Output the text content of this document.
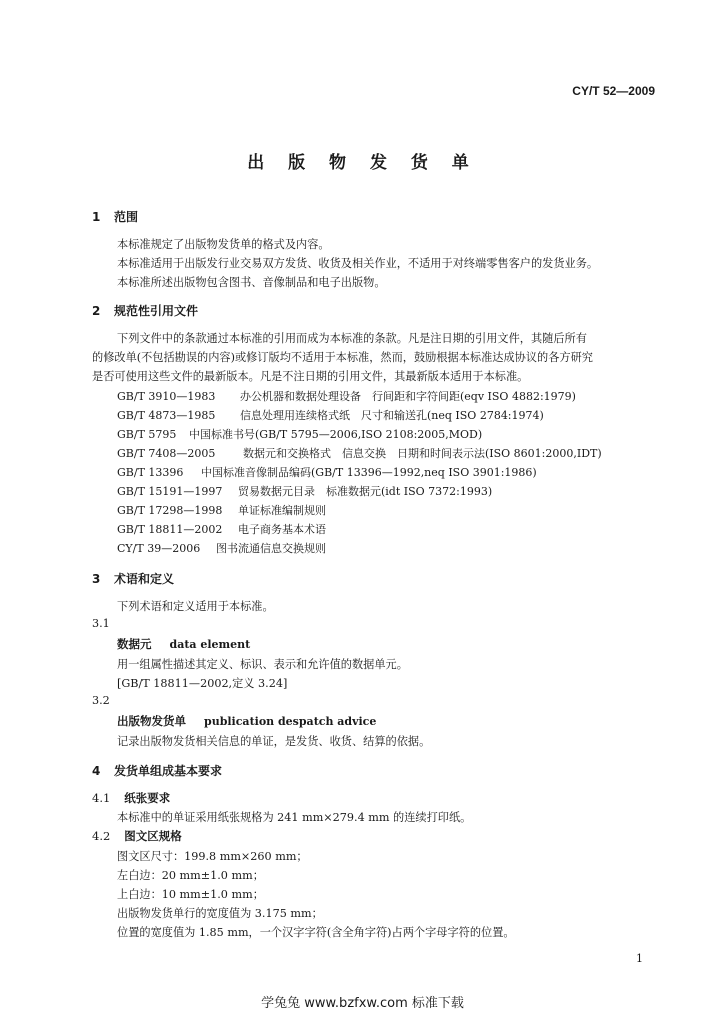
CY/T 52—2009
出 版 物 发 货 单
1 范围
本标准规定了出版物发货单的格式及内容。
本标准适用于出版发行业交易双方发货、收货及相关作业，不适用于对终端零售客户的发货业务。
本标准所述出版物包含图书、音像制品和电子出版物。
2 规范性引用文件
下列文件中的条款通过本标准的引用而成为本标准的条款。凡是注日期的引用文件，其随后所有
的修改单(不包括勘误的内容)或修订版均不适用于本标准，然而，鼓励根据本标准达成协议的各方研究
是否可使用这些文件的最新版本。凡是不注日期的引用文件，其最新版本适用于本标准。
GB/T 3910—1983 办公机器和数据处理设备　行间距和字符间距(eqv ISO 4882:1979)
GB/T 4873—1985 信息处理用连续格式纸　尺寸和输送孔(neq ISO 2784:1974)
GB/T 5795 中国标准书号(GB/T 5795—2006,ISO 2108:2005,MOD)
GB/T 7408—2005	数据元和交换格式　信息交换　日期和时间表示法(ISO 8601:2000,IDT)
GB/T 13396 中国标准音像制品编码(GB/T 13396—1992,neq ISO 3901:1986)
GB/T 15191—1997 贸易数据元目录　标准数据元(idt ISO 7372:1993)
GB/T 17298—1998 单证标准编制规则
GB/T 18811—2002 电子商务基本术语
CY/T 39—2006 图书流通信息交换规则
3 术语和定义
下列术语和定义适用于本标准。
3.1
数据元 data element
用一组属性描述其定义、标识、表示和允许值的数据单元。
[GB/T 18811—2002,定义 3.24]
3.2
出版物发货单 publication despatch advice
记录出版物发货相关信息的单证，是发货、收货、结算的依据。
4 发货单组成基本要求
4.1 纸张要求
本标准中的单证采用纸张规格为 241 mm×279.4 mm 的连续打印纸。
4.2 图文区规格
图文区尺寸：199.8 mm×260 mm；
左白边：20 mm±1.0 mm；
上白边：10 mm±1.0 mm；
出版物发货单行的宽度值为 3.175 mm；
位置的宽度值为 1.85 mm，一个汉字字符(含全角字符)占两个字母字符的位置。
1
学兔兔 www.bzfxw.com 标准下载
